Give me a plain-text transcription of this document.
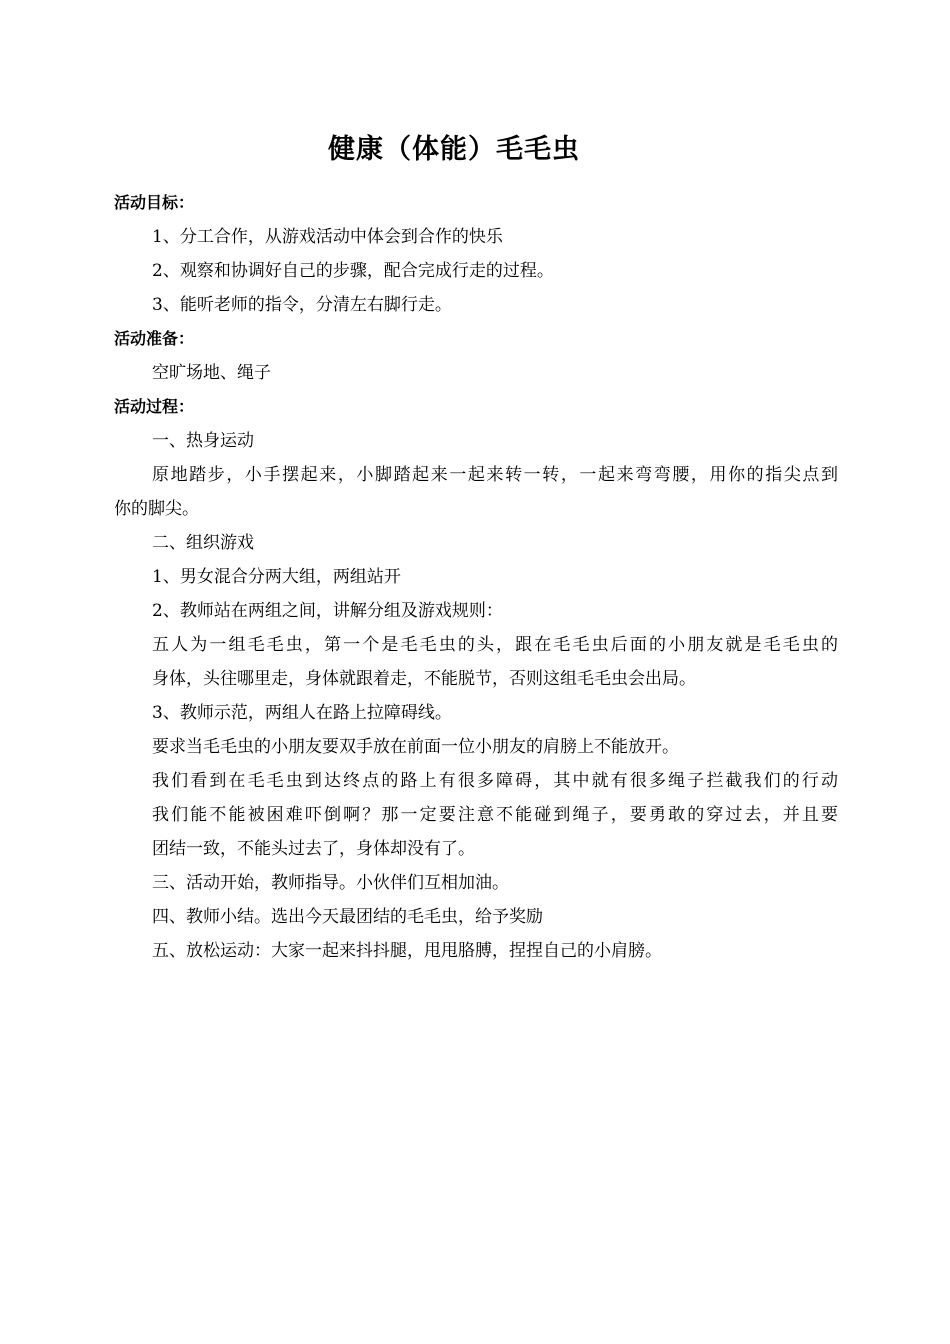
健康（体能）毛毛虫
活动目标：
1、分工合作，从游戏活动中体会到合作的快乐
2、观察和协调好自己的步骤，配合完成行走的过程。
3、能听老师的指令，分清左右脚行走。
活动准备：
空旷场地、绳子
活动过程：
一、热身运动
原地踏步，小手摆起来，小脚踏起来一起来转一转，一起来弯弯腰，用你的指尖点到
你的脚尖。
二、组织游戏
1、男女混合分两大组，两组站开
2、教师站在两组之间，讲解分组及游戏规则：
五人为一组毛毛虫，第一个是毛毛虫的头，跟在毛毛虫后面的小朋友就是毛毛虫的
身体，头往哪里走，身体就跟着走，不能脱节，否则这组毛毛虫会出局。
3、教师示范，两组人在路上拉障碍线。
要求当毛毛虫的小朋友要双手放在前面一位小朋友的肩膀上不能放开。
我们看到在毛毛虫到达终点的路上有很多障碍，其中就有很多绳子拦截我们的行动
我们能不能被困难吓倒啊？那一定要注意不能碰到绳子，要勇敢的穿过去，并且要
团结一致，不能头过去了，身体却没有了。
三、活动开始，教师指导。小伙伴们互相加油。
四、教师小结。选出今天最团结的毛毛虫，给予奖励
五、放松运动：大家一起来抖抖腿，甩甩胳膊，捏捏自己的小肩膀。
